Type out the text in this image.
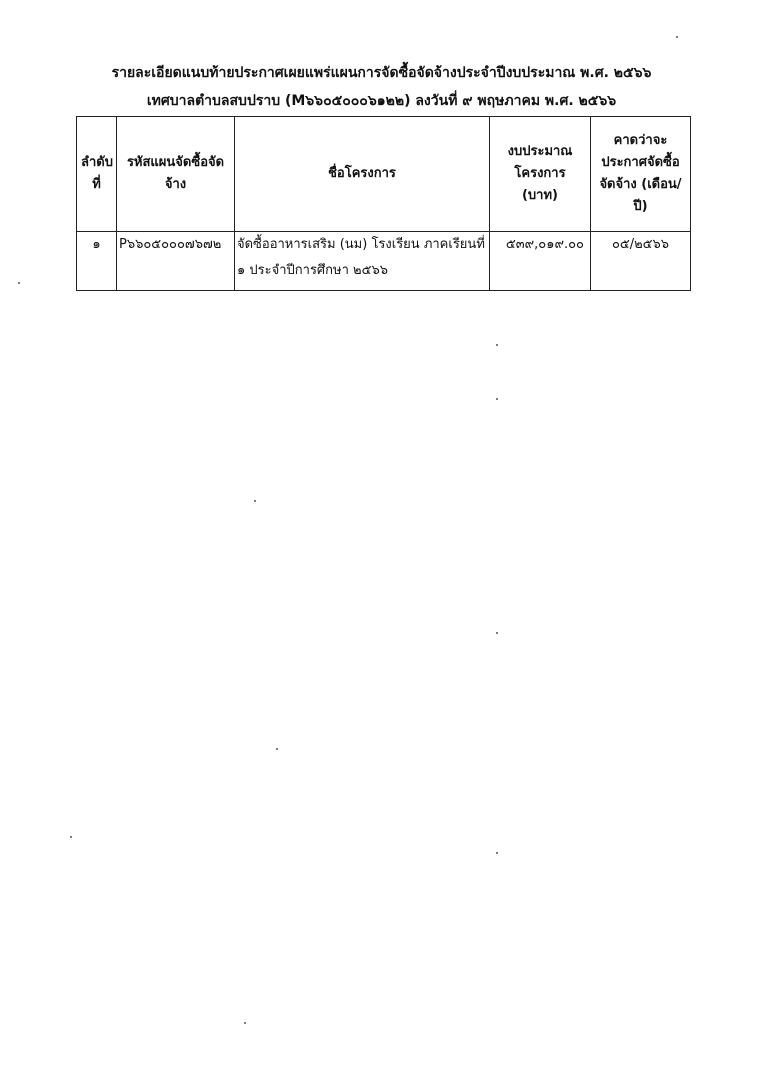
รายละเอียดแนบท้ายประกาศเผยแพร่แผนการจัดซื้อจัดจ้างประจำปีงบประมาณ พ.ศ. ๒๕๖๖
เทศบาลตำบลสบปราบ (M๖๖๐๕๐๐๐๖๑๒๒) ลงวันที่ ๙ พฤษภาคม พ.ศ. ๒๕๖๖
ลำดับที่	รหัสแผนจัดซื้อจัดจ้าง	ชื่อโครงการ	งบประมาณโครงการ (บาท)	คาดว่าจะประกาศจัดซื้อจัดจ้าง (เดือน/ปี)
๑	P๖๖๐๕๐๐๐๗๖๗๒	จัดซื้ออาหารเสริม (นม) โรงเรียน ภาคเรียนที่ ๑ ประจำปีการศึกษา ๒๕๖๖	๕๓๙,๐๑๙.๐๐	๐๕/๒๕๖๖
